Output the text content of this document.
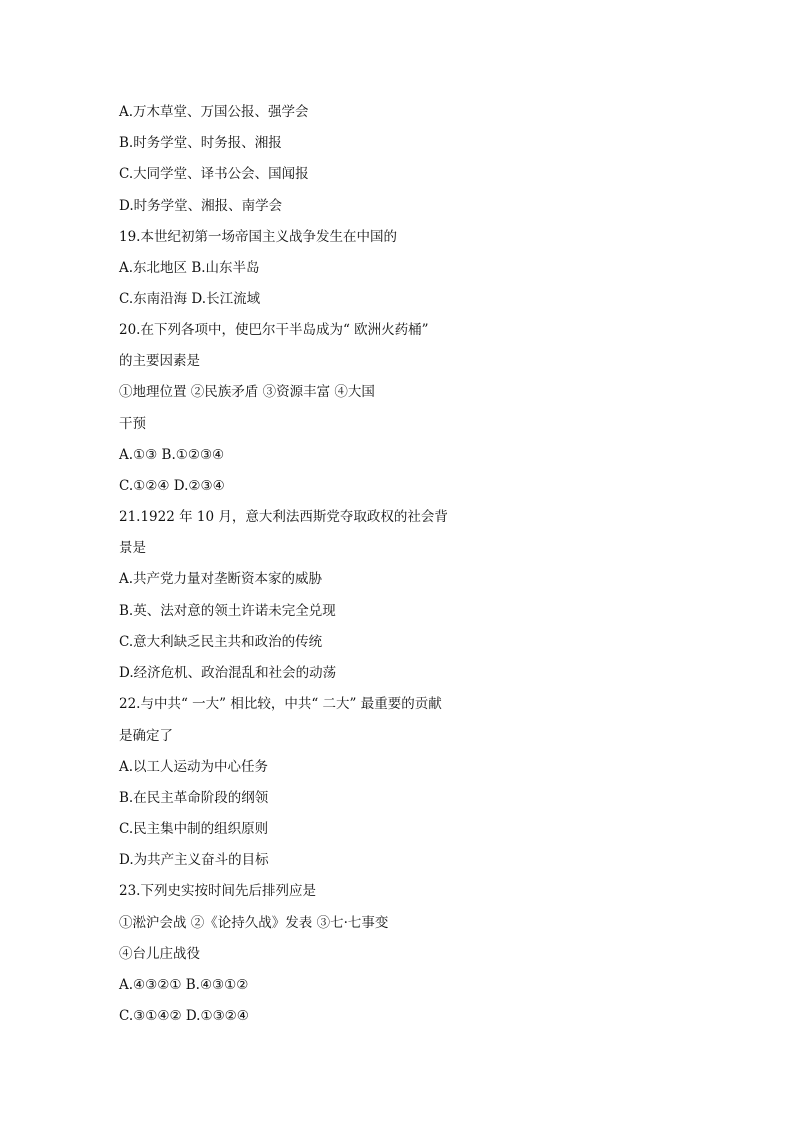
A.万木草堂、万国公报、强学会
B.时务学堂、时务报、湘报
C.大同学堂、译书公会、国闻报
D.时务学堂、湘报、南学会
19.本世纪初第一场帝国主义战争发生在中国的
A.东北地区 B.山东半岛
C.东南沿海 D.长江流域
20.在下列各项中，使巴尔干半岛成为“ 欧洲火药桶”
的主要因素是
①地理位置 ②民族矛盾 ③资源丰富 ④大国
干预
A.①③ B.①②③④
C.①②④ D.②③④
21.1922 年 10 月，意大利法西斯党夺取政权的社会背
景是
A.共产党力量对垄断资本家的威胁
B.英、法对意的领土许诺未完全兑现
C.意大利缺乏民主共和政治的传统
D.经济危机、政治混乱和社会的动荡
22.与中共“ 一大” 相比较，中共“ 二大” 最重要的贡献
是确定了
A.以工人运动为中心任务
B.在民主革命阶段的纲领
C.民主集中制的组织原则
D.为共产主义奋斗的目标
23.下列史实按时间先后排列应是
①淞沪会战 ②《论持久战》发表 ③七·七事变
④台儿庄战役
A.④③②① B.④③①②
C.③①④② D.①③②④
